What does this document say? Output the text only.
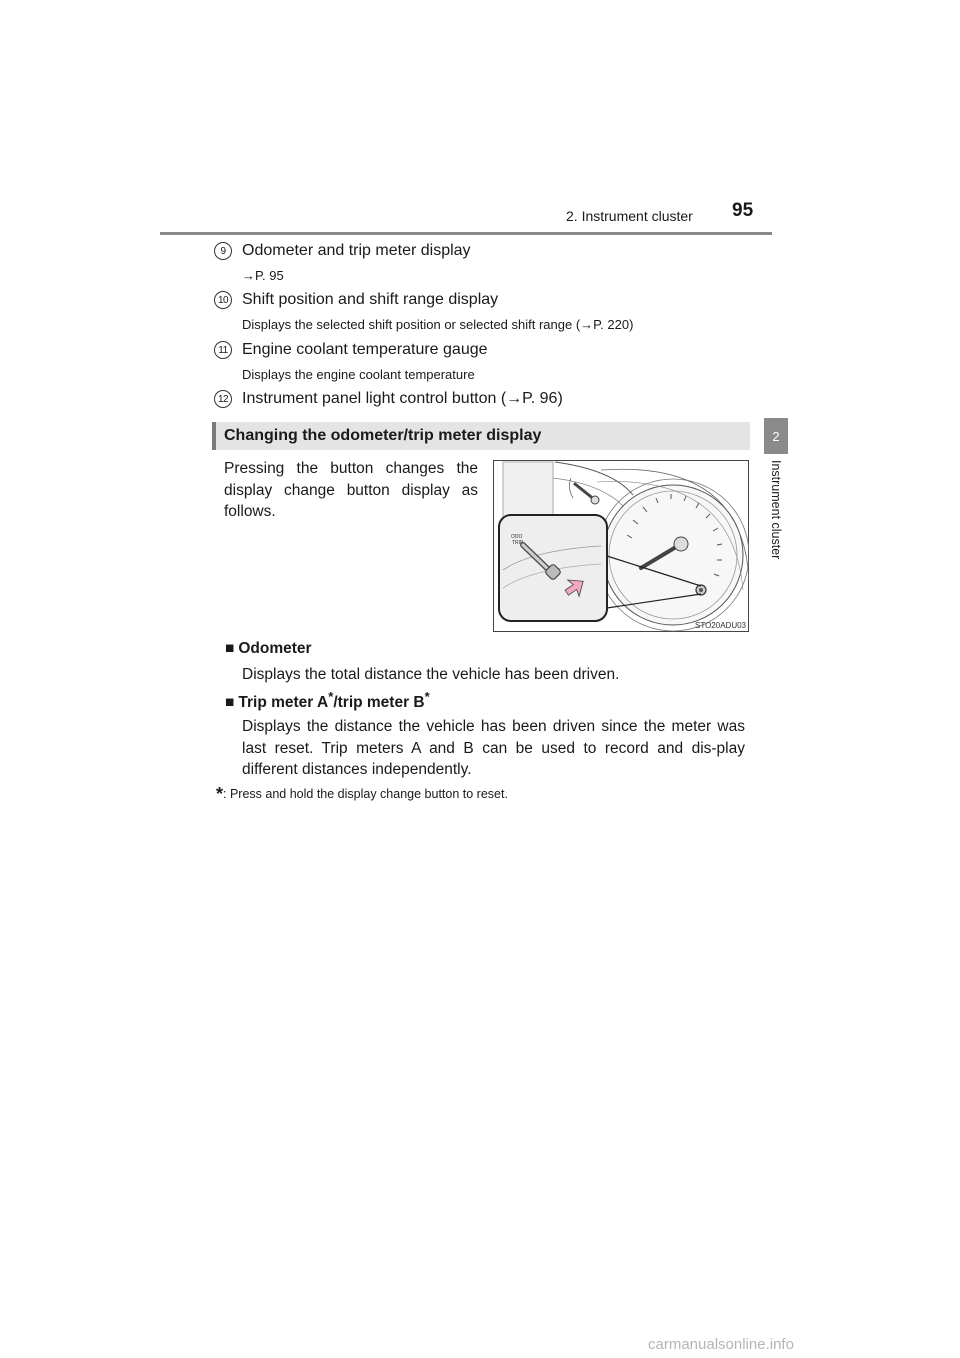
2. Instrument cluster 95
2
Instrument cluster
9	Odometer and trip meter display
→P. 95
10 Shift position and shift range display
Displays the selected shift position or selected shift range (→P. 220)
11 Engine coolant temperature gauge
Displays the engine coolant temperature
12 Instrument panel light control button (→P. 96)
Changing the odometer/trip meter display
Pressing the button changes the display change button display as follows.
ODO
TRIP
STO20ADU03
■ Odometer
Displays the total distance the vehicle has been driven.
■ Trip meter A*/trip meter B*
Displays the distance the vehicle has been driven since the meter was last reset. Trip meters A and B can be used to record and dis-play different distances independently.
*: Press and hold the display change button to reset.
carmanualsonline.info
